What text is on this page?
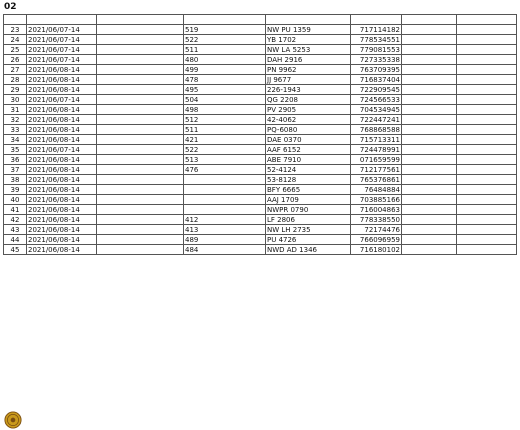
02

23	2021/06/07-14		519	NW PU 1359	717114182		

24	2021/06/07-14		522	YB 1702	778534551		

25	2021/06/07-14		511	NW LA 5253	779081553		

26	2021/06/07-14		480	DAH 2916	727335338		

27	2021/06/08-14		499	PN 9962	763709395		

28	2021/06/08-14		478	JJ 9677	716837404		

29	2021/06/08-14		495	226-1943	722909545		

30	2021/06/07-14		504	QG 2208	724566533		

31	2021/06/08-14		498	PV 2905	704534945		

32	2021/06/08-14		512	42-4062	722447241		

33	2021/06/08-14		511	PQ-6080	768868588		

34	2021/06/08-14		421	DAE 0370	715713311		

35	2021/06/07-14		522	AAF 6152	724478991		

36	2021/06/08-14		513	ABE 7910	071659599		

37	2021/06/08-14		476	52-4124	712177561		

38	2021/06/08-14			53-8128	765376861		

39	2021/06/08-14			BFY 6665	76484884		

40	2021/06/08-14			AAJ 1709	703885166		

41	2021/06/08-14			NWPR 0790	716004863		

42	2021/06/08-14		412	LF 2806	778338550		

43	2021/06/08-14		413	NW LH 2735	72174476		

44	2021/06/08-14		489	PU 4726	766096959		

45	2021/06/08-14		484	NWD AD 1346	716180102		
